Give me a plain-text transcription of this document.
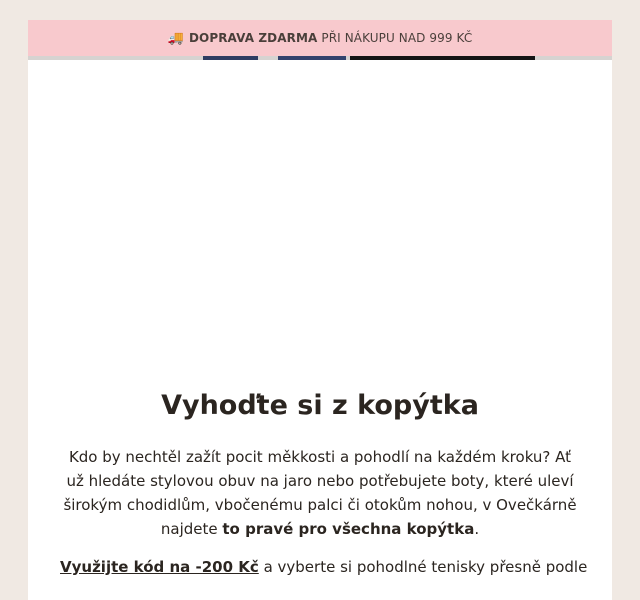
🚚 DOPRAVA ZDARMA PŘI NÁKUPU NAD 999 KČ
Vyhoďte si z kopýtka

Kdo by nechtěl zažít pocit měkkosti a pohodlí na každém kroku? Ať už hledáte stylovou obuv na jaro nebo potřebujete boty, které uleví širokým chodidlům, vbočenému palci či otokům nohou, v Ovečkárně najdete to pravé pro všechna kopýtka.

Využijte kód na -200 Kč a vyberte si pohodlné tenisky přesně podle
